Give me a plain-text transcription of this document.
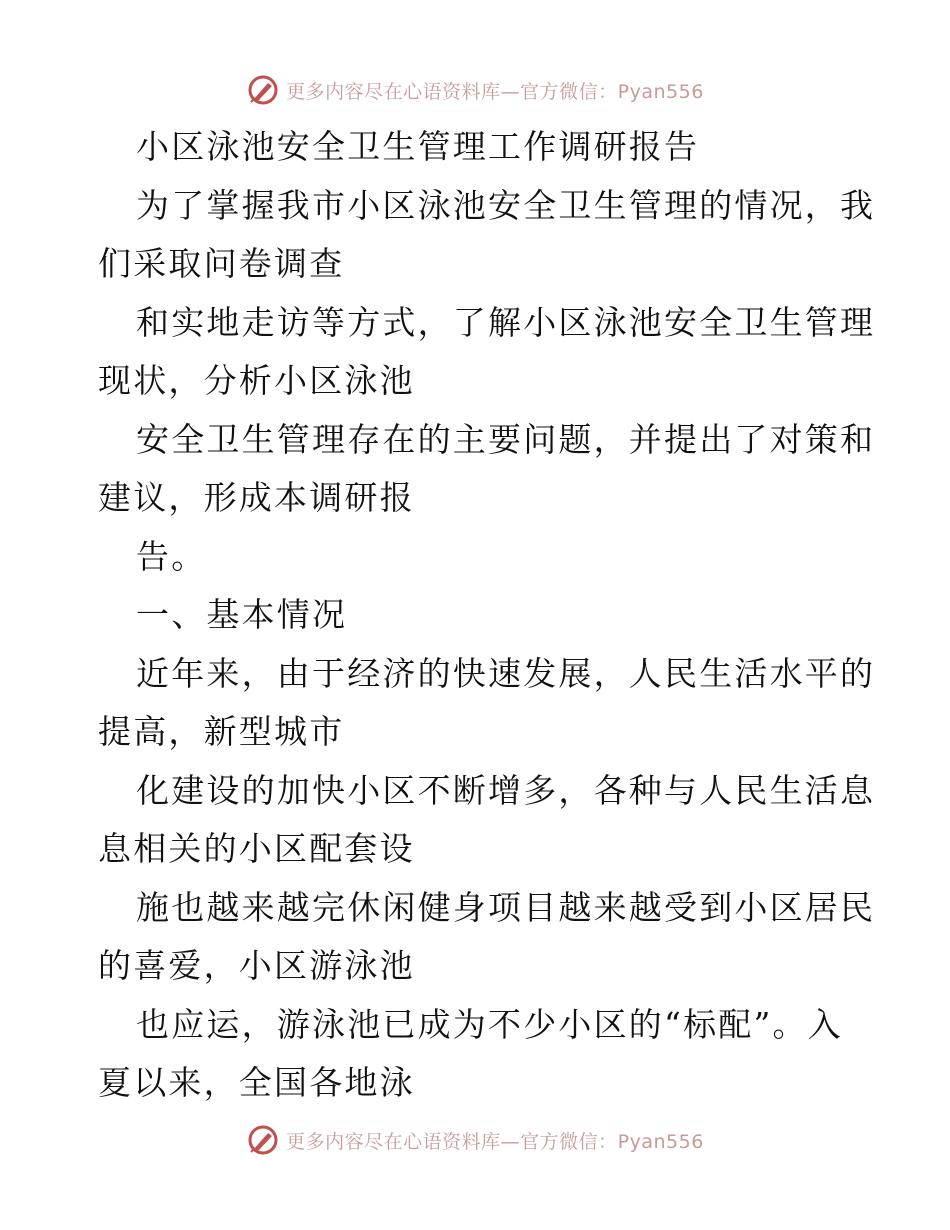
更多内容尽在心语资料库—官方微信：Pyan556
小区泳池安全卫生管理工作调研报告
为了掌握我市小区泳池安全卫生管理的情况，我
们采取问卷调查
和实地走访等方式，了解小区泳池安全卫生管理
现状，分析小区泳池
安全卫生管理存在的主要问题，并提出了对策和
建议，形成本调研报
告。
一、基本情况
近年来，由于经济的快速发展，人民生活水平的
提高，新型城市
化建设的加快小区不断增多，各种与人民生活息
息相关的小区配套设
施也越来越完休闲健身项目越来越受到小区居民
的喜爱，小区游泳池
也应运，游泳池已成为不少小区的“标配”。入
夏以来，全国各地泳
更多内容尽在心语资料库—官方微信：Pyan556
